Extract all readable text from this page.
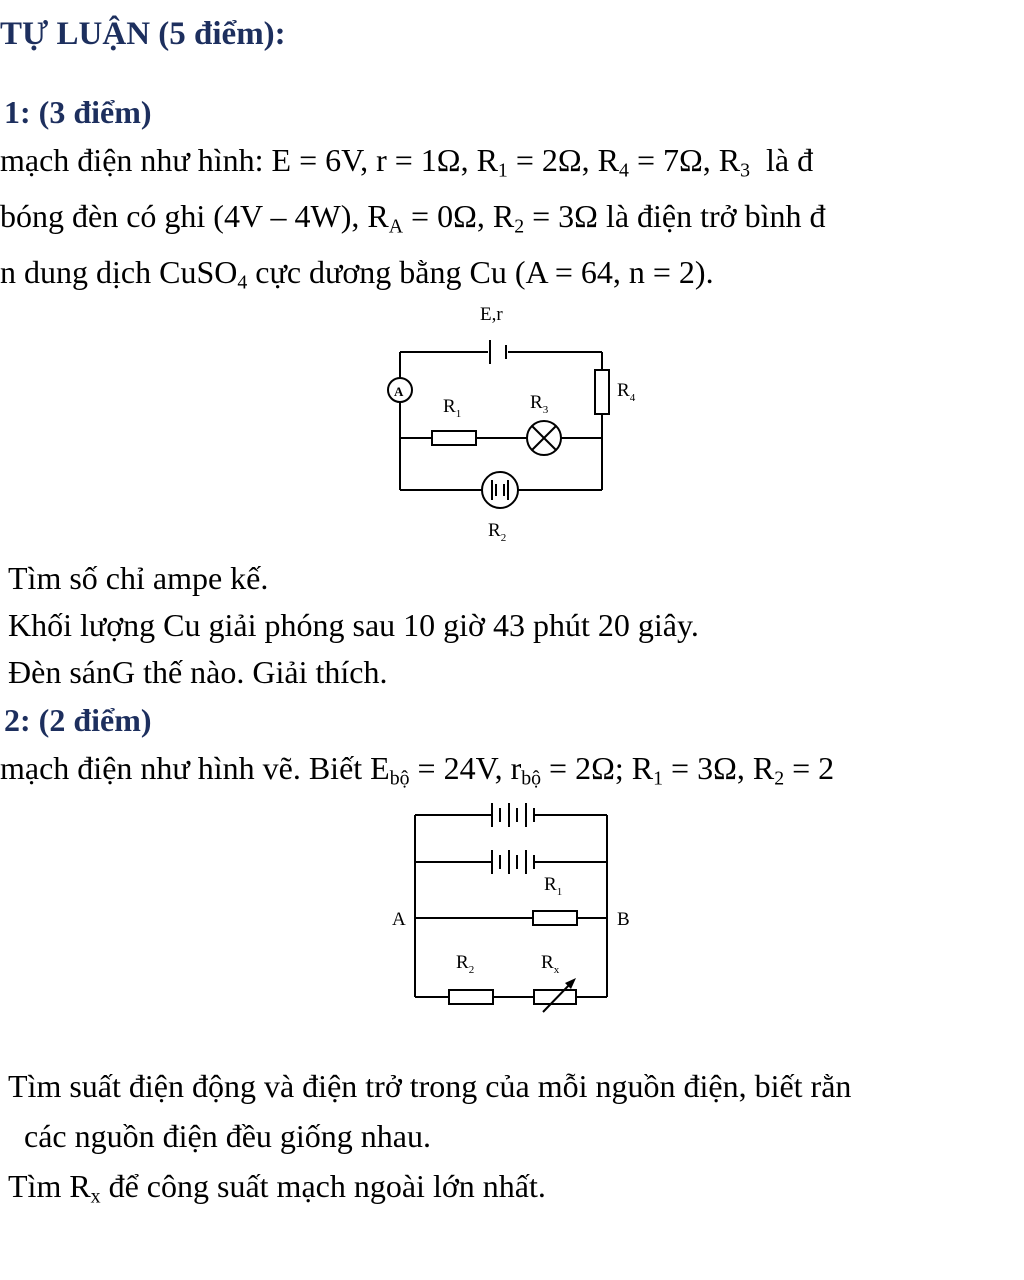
TỰ LUẬN (5 điểm):
1: (3 điểm)
mạch điện như hình: E = 6V, r = 1Ω, $R_1 = 2\Omega$, $R_4 = 7\Omega$, $R_3$ là đ
bóng đèn có ghi (4V – 4W), $R_A = 0\Omega$, $R_2 = 3\Omega$ là điện trở bình đ
n dung dịch CuSO$_4$ cực dương bằng Cu (A = 64, n = 2).
Tìm số chỉ ampe kế.
Khối lượng Cu giải phóng sau 10 giờ 43 phút 20 giây.
Đèn sánG thế nào. Giải thích.
2: (2 điểm)
mạch điện như hình vẽ. Biết $E_{bộ} = 24V$, $r_{bộ} = 2\Omega$; $R_1 = 3\Omega$, $R_2 = 2$
Tìm suất điện động và điện trở trong của mỗi nguồn điện, biết rằn
các nguồn điện đều giống nhau.
Tìm $R_x$ để công suất mạch ngoài lớn nhất.
E,r
A
$R_1$
$R_3$
$R_4$
$R_2$
A	B
$R_1$
$R_2$	$R_x$
